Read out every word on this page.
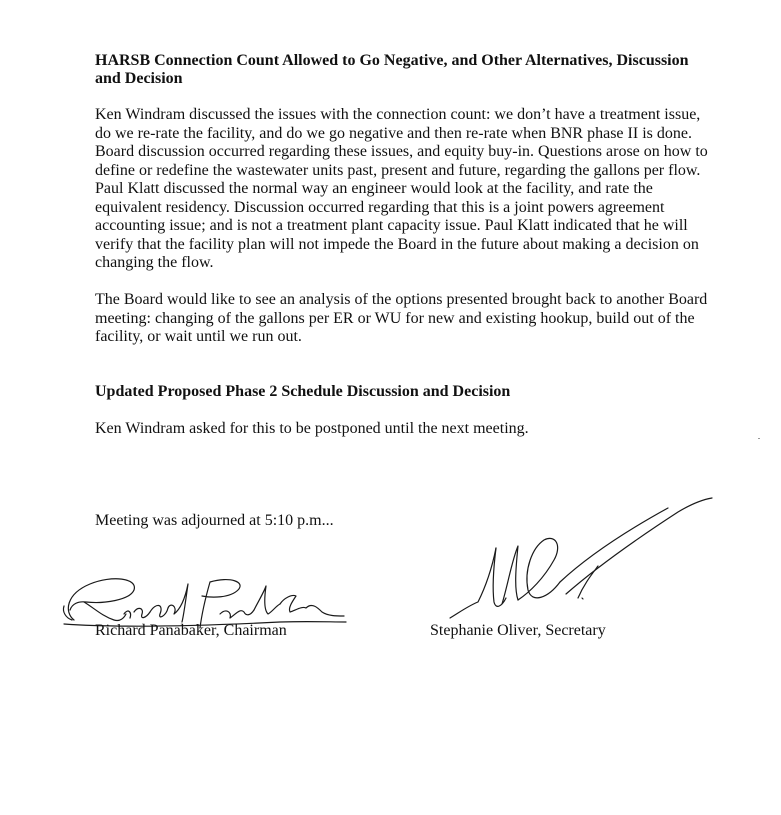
HARSB Connection Count Allowed to Go Negative, and Other Alternatives, Discussion and Decision

Ken Windram discussed the issues with the connection count: we don’t have a treatment issue, do we re-rate the facility, and do we go negative and then re-rate when BNR phase II is done. Board discussion occurred regarding these issues, and equity buy-in. Questions arose on how to define or redefine the wastewater units past, present and future, regarding the gallons per flow. Paul Klatt discussed the normal way an engineer would look at the facility, and rate the equivalent residency. Discussion occurred regarding that this is a joint powers agreement accounting issue; and is not a treatment plant capacity issue. Paul Klatt indicated that he will verify that the facility plan will not impede the Board in the future about making a decision on changing the flow.

The Board would like to see an analysis of the options presented brought back to another Board meeting: changing of the gallons per ER or WU for new and existing hookup, build out of the facility, or wait until we run out.

Updated Proposed Phase 2 Schedule Discussion and Decision

Ken Windram asked for this to be postponed until the next meeting.

Meeting was adjourned at 5:10 p.m...

Richard Panabaker, Chairman	Stephanie Oliver, Secretary
